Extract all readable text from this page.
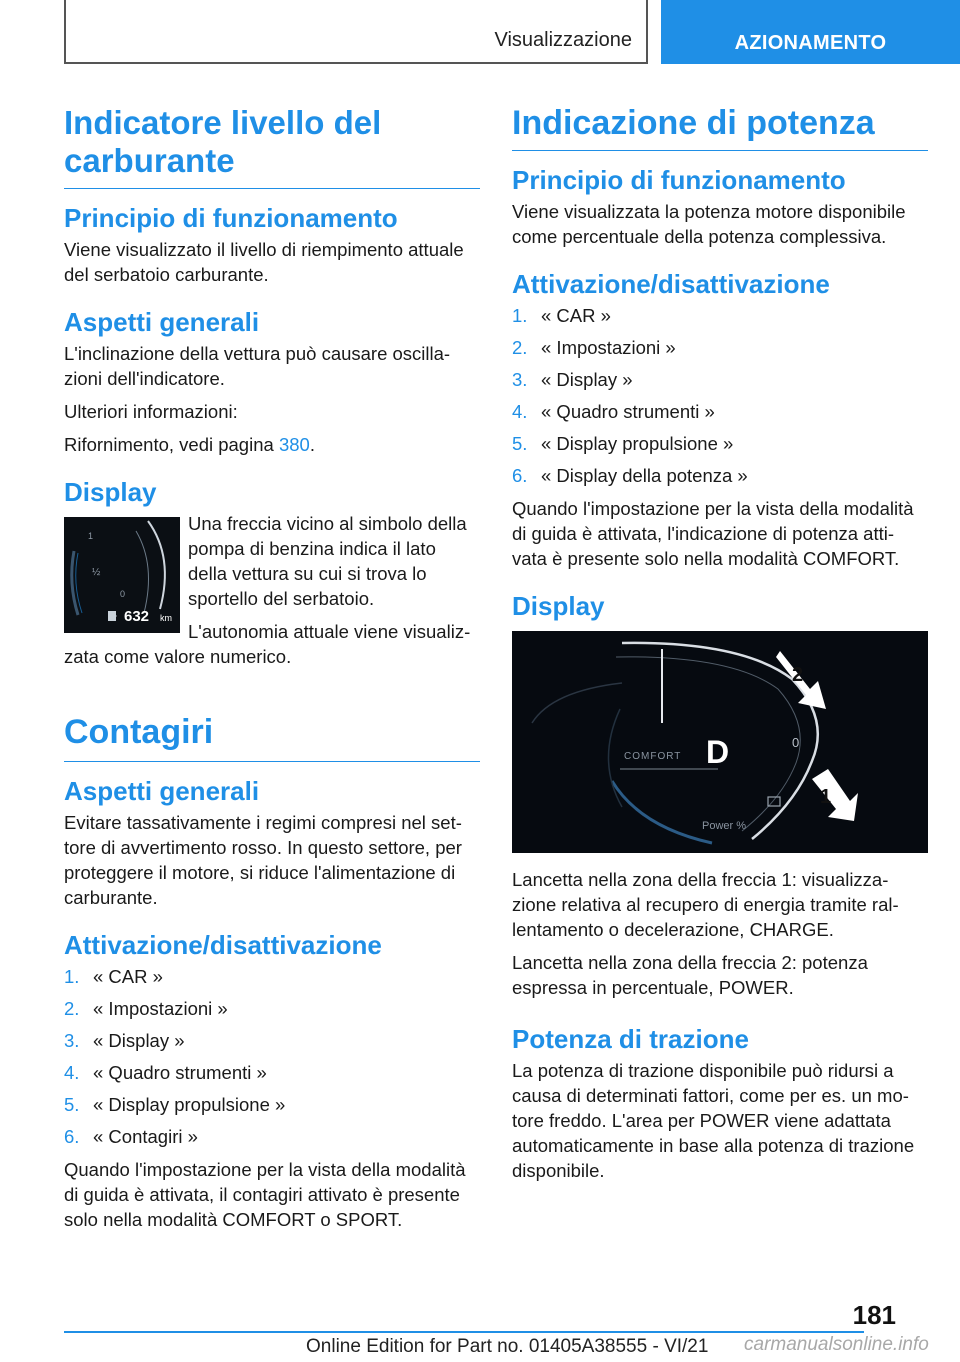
Visualizzazione	AZIONAMENTO
Indicatore livello del carburante
Principio di funzionamento

Viene visualizzato il livello di riempimento attuale del serbatoio carburante.

Aspetti generali

L'inclinazione della vettura può causare oscilla-zioni dell'indicatore.

Ulteriori informazioni:

Rifornimento, vedi pagina 380.

Display
1
½
0
632 km

Una freccia vicino al simbolo della pompa di benzina indica il lato della vettura su cui si trova lo sportello del serbatoio.

L'autonomia attuale viene visualiz-zata come valore numerico.

Contagiri
Aspetti generali

Evitare tassativamente i regimi compresi nel set-tore di avvertimento rosso. In questo settore, per proteggere il motore, si riduce l'alimentazione di carburante.

Attivazione/disattivazione
1. « CAR »
2. « Impostazioni »
3. « Display »
4. « Quadro strumenti »
5. « Display propulsione »
6. « Contagiri »

Quando l'impostazione per la vista della modalità di guida è attivata, il contagiri attivato è presente solo nella modalità COMFORT o SPORT.

Indicazione di potenza
Principio di funzionamento

Viene visualizzata la potenza motore disponibile come percentuale della potenza complessiva.

Attivazione/disattivazione
1. « CAR »
2. « Impostazioni »
3. « Display »
4. « Quadro strumenti »
5. « Display propulsione »
6. « Display della potenza »

Quando l'impostazione per la vista della modalità di guida è attivata, l'indicazione di potenza atti-vata è presente solo nella modalità COMFORT.

Display
COMFORT D	0
Power %
2
1

Lancetta nella zona della freccia 1: visualizza-zione relativa al recupero di energia tramite ral-lentamento o decelerazione, CHARGE.

Lancetta nella zona della freccia 2: potenza espressa in percentuale, POWER.

Potenza di trazione

La potenza di trazione disponibile può ridursi a causa di determinati fattori, come per es. un mo-tore freddo. L'area per POWER viene adattata automaticamente in base alla potenza di trazione disponibile.

181
Online Edition for Part no. 01405A38555 - VI/21 carmanualsonline.info
